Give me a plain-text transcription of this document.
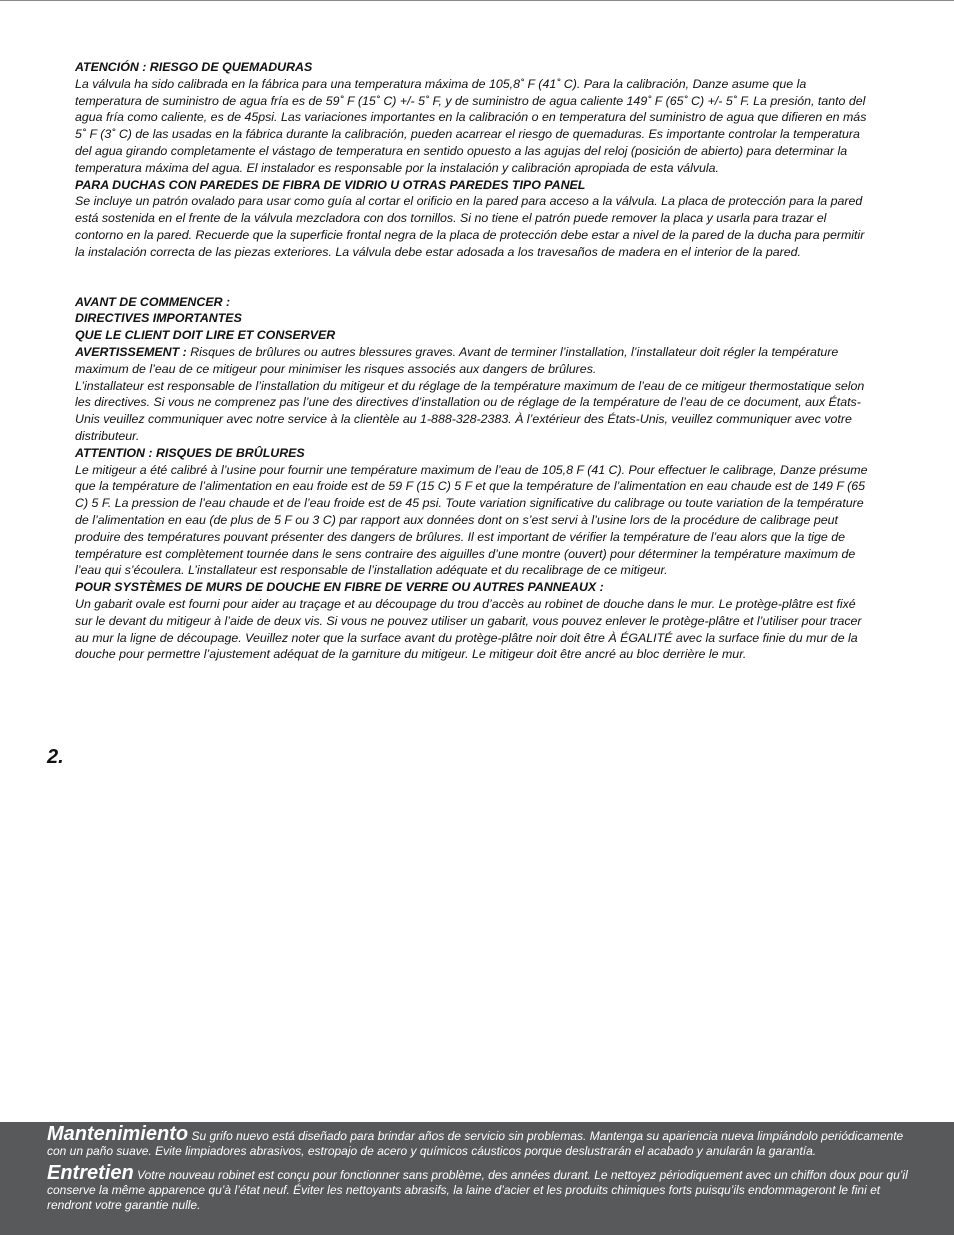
ATENCIÓN : RIESGO DE QUEMADURAS

La válvula ha sido calibrada en la fábrica para una temperatura máxima de 105,8˚ F (41˚ C). Para la calibración, Danze asume que la temperatura de suministro de agua fría es de 59˚ F (15˚ C) +/- 5˚ F, y de suministro de agua caliente 149˚ F (65˚ C) +/- 5˚ F. La presión, tanto del agua fría como caliente, es de 45psi. Las variaciones importantes en la calibración o en temperatura del suministro de agua que difieren en más 5˚ F (3˚ C) de las usadas en la fábrica durante la calibración, pueden acarrear el riesgo de quemaduras. Es importante controlar la temperatura del agua girando completamente el vástago de temperatura en sentido opuesto a las agujas del reloj (posición de abierto) para determinar la temperatura máxima del agua. El instalador es responsable por la instalación y calibración apropiada de esta válvula.

PARA DUCHAS CON PAREDES DE FIBRA DE VIDRIO U OTRAS PAREDES TIPO PANEL

Se incluye un patrón ovalado para usar como guía al cortar el orificio en la pared para acceso a la válvula. La placa de protección para la pared está sostenida en el frente de la válvula mezcladora con dos tornillos. Si no tiene el patrón puede remover la placa y usarla para trazar el contorno en la pared. Recuerde que la superficie frontal negra de la placa de protección debe estar a nivel de la pared de la ducha para permitir la instalación correcta de las piezas exteriores. La válvula debe estar adosada a los travesaños de madera en el interior de la pared.

AVANT DE COMMENCER :

DIRECTIVES IMPORTANTES

QUE LE CLIENT DOIT LIRE ET CONSERVER

AVERTISSEMENT : Risques de brûlures ou autres blessures graves. Avant de terminer l’installation, l’installateur doit régler la température maximum de l’eau de ce mitigeur pour minimiser les risques associés aux dangers de brûlures.

L’installateur est responsable de l’installation du mitigeur et du réglage de la température maximum de l’eau de ce mitigeur thermostatique selon les directives. Si vous ne comprenez pas l’une des directives d’installation ou de réglage de la température de l’eau de ce document, aux États-Unis veuillez communiquer avec notre service à la clientèle au 1-888-328-2383. À l’extérieur des États-Unis, veuillez communiquer avec votre distributeur.

ATTENTION : RISQUES DE BRÛLURES

Le mitigeur a été calibré à l’usine pour fournir une température maximum de l’eau de 105,8 F (41 C). Pour effectuer le calibrage, Danze présume que la température de l’alimentation en eau froide est de 59 F (15 C) 5 F et que la température de l’alimentation en eau chaude est de 149 F (65 C) 5 F. La pression de l’eau chaude et de l’eau froide est de 45 psi. Toute variation significative du calibrage ou toute variation de la température de l’alimentation en eau (de plus de 5 F ou 3 C) par rapport aux données dont on s’est servi à l’usine lors de la procédure de calibrage peut produire des températures pouvant présenter des dangers de brûlures. Il est important de vérifier la température de l’eau alors que la tige de température est complètement tournée dans le sens contraire des aiguilles d’une montre (ouvert) pour déterminer la température maximum de l’eau qui s’écoulera. L’installateur est responsable de l’installation adéquate et du recalibrage de ce mitigeur.

POUR SYSTÈMES DE MURS DE DOUCHE EN FIBRE DE VERRE OU AUTRES PANNEAUX :

Un gabarit ovale est fourni pour aider au traçage et au découpage du trou d’accès au robinet de douche dans le mur. Le protège-plâtre est fixé sur le devant du mitigeur à l’aide de deux vis. Si vous ne pouvez utiliser un gabarit, vous pouvez enlever le protège-plâtre et l’utiliser pour tracer au mur la ligne de découpage. Veuillez noter que la surface avant du protège-plâtre noir doit être À ÉGALITÉ avec la surface finie du mur de la douche pour permettre l’ajustement adéquat de la garniture du mitigeur. Le mitigeur doit être ancré au bloc derrière le mur.

2.

Mantenimiento Su grifo nuevo está diseñado para brindar años de servicio sin problemas. Mantenga su apariencia nueva limpiándolo periódicamente con un paño suave. Evite limpiadores abrasivos, estropajo de acero y químicos cáusticos porque deslustrarán el acabado y anularán la garantía.

Entretien Votre nouveau robinet est conçu pour fonctionner sans problème, des années durant. Le nettoyez périodiquement avec un chiffon doux pour qu’il conserve la même apparence qu’à l’état neuf. Éviter les nettoyants abrasifs, la laine d’acier et les produits chimiques forts puisqu’ils endommageront le fini et rendront votre garantie nulle.
